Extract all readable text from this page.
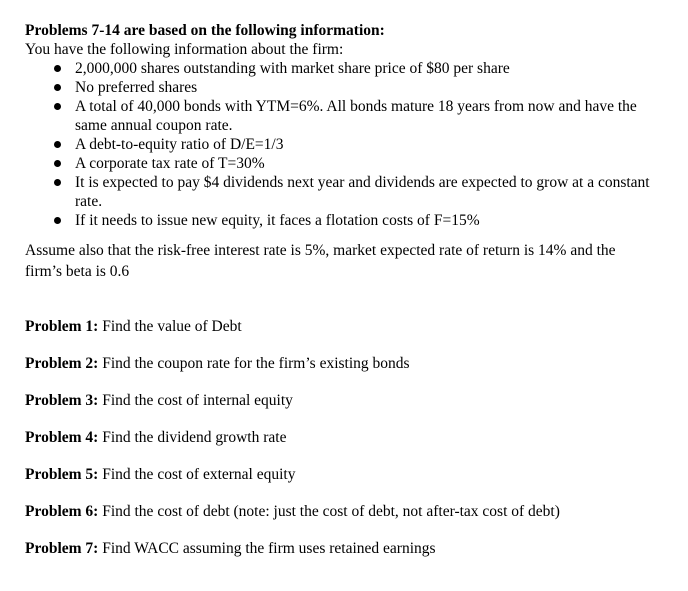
Problems 7-14 are based on the following information:
You have the following information about the firm:
2,000,000 shares outstanding with market share price of $80 per share
No preferred shares
A total of 40,000 bonds with YTM=6%. All bonds mature 18 years from now and have the same annual coupon rate.
A debt-to-equity ratio of D/E=1/3
A corporate tax rate of T=30%
It is expected to pay $4 dividends next year and dividends are expected to grow at a constant rate.
If it needs to issue new equity, it faces a flotation costs of F=15%
Assume also that the risk-free interest rate is 5%, market expected rate of return is 14% and the firm’s beta is 0.6
Problem 1: Find the value of Debt
Problem 2: Find the coupon rate for the firm’s existing bonds
Problem 3: Find the cost of internal equity
Problem 4: Find the dividend growth rate
Problem 5: Find the cost of external equity
Problem 6: Find the cost of debt (note: just the cost of debt, not after-tax cost of debt)
Problem 7: Find WACC assuming the firm uses retained earnings
